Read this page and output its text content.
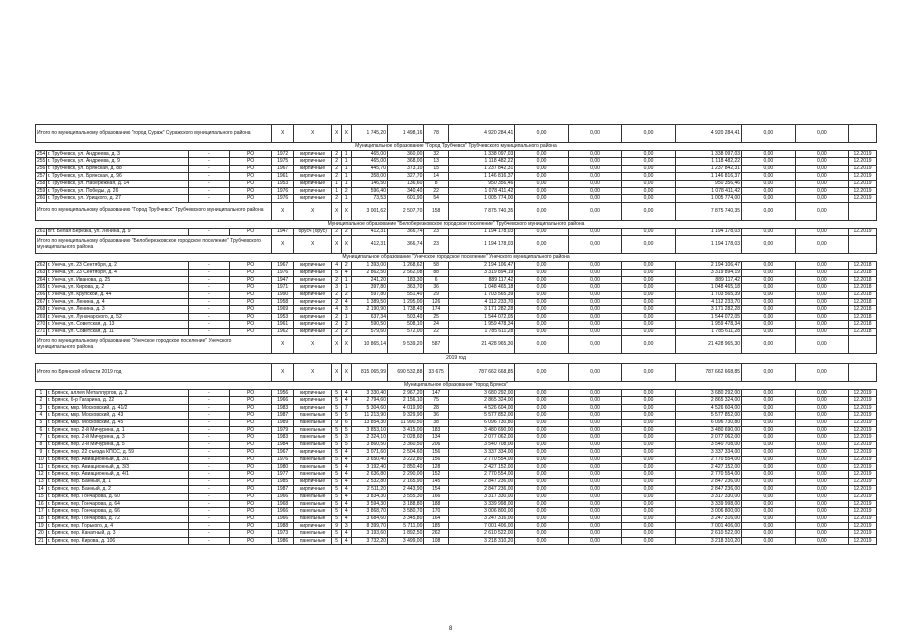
Итого по муниципальному образованию "город Сураж" Суражского муниципального района				X	X	X	X	1 745,20	1 498,16	78	4 920 284,41	0,00	0,00	0,00	4 920 284,41	0,00	0,00	
Муниципальное образование "Город Трубчевск" Трубчевского муниципального района																		
254	г. Трубчевск, ул. Андреева, д. 3	-	РО	1972	кирпичные	2	1	465,00	360,00	32	1 338 097,03	0,00	0,00	0,00	1 338 097,03	0,00	0,00	12.2019
255	г. Трубчевск, ул. Андреева, д. 9	-	РО	1975	кирпичные	2	1	465,00	368,00	13	1 118 482,22	0,00	0,00	0,00	1 118 482,22	0,00	0,00	12.2019
256	г. Трубчевск, ул. Брянская, д. 88	-	РО	1967	кирпичные	2	1	445,70	373,10	15	1 237 842,31	0,00	0,00	0,00	1 237 842,31	0,00	0,00	12.2019
257	г. Трубчевск, ул. Брянская, д. 96	-	РО	1961	кирпичные	2	1	358,00	327,70	14	1 146 816,37	0,00	0,00	0,00	1 146 816,37	0,00	0,00	12.2019
258	г. Трубчевск, ул. Набережная, д. 14	-	РО	1953	кирпичные	1	1	146,50	136,60	8	950 356,46	0,00	0,00	0,00	950 356,46	0,00	0,00	12.2019
259	г. Трубчевск, ул. Победы, д. 26	-	РО	1976	кирпичные	1	2	596,40	340,40	22	1 078 411,42	0,00	0,00	0,00	1 078 411,42	0,00	0,00	12.2019
260	г. Трубчевск, ул. Урицкого, д. 27	-	РО	1976	кирпичные	2	1	73,53	601,90	54	1 005 774,00	0,00	0,00	0,00	1 005 774,00	0,00	0,00	12.2019
Итого по муниципальному образованию "Город Трубчевск" Трубчевского муниципального района				X	X	X	X	3 001,62	2 507,70	158	7 875 740,35	0,00	0,00	0,00	7 875 740,35	0,00	0,00	
Муниципальное образование "Белоберезковское городское поселение" Трубчевского муниципального района																		
261	пгт. Белая Березка, ул. Ленина, д. 9	-	РО	1947	брусч (брус)	2	2	412,31	366,74	23	1 194 178,03	0,00	0,00	0,00	1 194 178,03	0,00	0,00	12.2019
Итого по муниципальному образованию "Белоберезковское городское поселение" Трубчевского муниципального района				X	X	X	X	412,31	366,74	23	1 194 178,03	0,00	0,00	0,00	1 194 178,03	0,00	0,00	
Муниципальное образование "Унечское городское поселение" Унечского муниципального района																		
262	г. Унеча, ул. 23 Сентября, д. 2	-	РО	1967	кирпичные	4	2	1 393,00	1 268,62	58	2 194 106,47	0,00	0,00	0,00	2 194 106,47	0,00	0,00	12.2018
263	г. Унеча, ул. 23 Сентября, д. 4	-	РО	1976	кирпичные	5	4	2 862,50	2 562,08	88	3 319 894,19	0,00	0,00	0,00	3 319 894,19	0,00	0,00	12.2018
264	г. Унеча, ул. Иванова, д. 25	-	РО	1947	кирпичные	2	1	241,20	183,30	6	889 117,42	0,00	0,00	0,00	889 117,42	0,00	0,00	12.2018
265	г. Унеча, ул. Кирова, д. 2	-	РО	1971	кирпичные	3	1	397,80	363,70	36	1 048 465,18	0,00	0,00	0,00	1 048 465,18	0,00	0,00	12.2018
266	г. Унеча, ул. Крупской, д. 44	-	РО	1990	кирпичные	2	2	597,80	551,40	29	1 703 565,39	0,00	0,00	0,00	1 703 565,39	0,00	0,00	12.2018
267	г. Унеча, ул. Ленина, д. 4	-	РО	1958	кирпичные	2	4	1 389,50	1 295,00	126	4 112 233,70	0,00	0,00	0,00	4 112 233,70	0,00	0,00	12.2018
268	г. Унеча, ул. Ленина, д. 3	-	РО	1969	кирпичные	4	3	2 190,90	1 738,40	174	3 171 282,28	0,00	0,00	0,00	3 171 282,28	0,00	0,00	12.2018
269	г. Унеча, ул. Луначарского, д. 52	-	РО	1953	кирпичные	2	1	637,34	503,40	25	1 544 072,05	0,00	0,00	0,00	1 544 072,05	0,00	0,00	12.2018
270	г. Унеча, ул. Советская, д. 13	-	РО	1961	кирпичные	2	2	590,50	508,10	24	1 959 478,34	0,00	0,00	0,00	1 959 478,34	0,00	0,00	12.2018
271	г. Унеча, ул. Советская, д. 11	-	РО	1962	кирпичные	2	2	579,60	572,00	22	1 785 611,28	0,00	0,00	0,00	1 785 611,28	0,00	0,00	12.2018
Итого по муниципальному образованию "Унечское городское поселение" Унечского муниципального района				X	X	X	X	10 865,14	9 539,20	587	21 428 965,30	0,00	0,00	0,00	21 428 965,30	0,00	0,00	
2019 год																		
Итого по Брянской области 2019 год				X	X	X	X	815 065,99	690 532,88	33 675	787 662 668,85	0,00	0,00	0,00	787 662 668,85	0,00	0,00	
Муниципальное образование "город Брянск"																		
1	г. Брянск, аллея Металлургов, д. 2	-	РО	1956	кирпичные	5	4	3 330,40	2 967,20	147	3 680 292,00	0,00	0,00	0,00	3 680 292,00	0,00	0,00	12.2019
2	г. Брянск, б-р Гагарина, д. 22	-	РО	1966	кирпичные	5	4	2 794,60	2 156,10	75	2 865 324,00	0,00	0,00	0,00	2 865 324,00	0,00	0,00	12.2019
3	г. Брянск, мкр. Московский, д. 41/2	-	РО	1983	кирпичные	5	7	5 304,60	4 019,90	28	4 526 604,00	0,00	0,00	0,00	4 526 604,00	0,00	0,00	12.2019
4	г. Брянск, мкр. Московский, д. 43	-	РО	1987	панельные	5	5	11 213,90	9 329,90	36	5 577 852,00	0,00	0,00	0,00	5 577 852,00	0,00	0,00	12.2019
5	г. Брянск, мкр. Московский, д. 45	-	РО	1989	панельные	9	6	13 854,30	11 990,50	38	6 096 730,80	0,00	0,00	0,00	6 096 730,80	0,00	0,00	12.2019
6	г. Брянск, пер. 2-й Мичурина, д. 1	-	РО	1979	панельные	5	5	3 853,10	3 415,00	183	3 480 690,00	0,00	0,00	0,00	3 480 690,00	0,00	0,00	12.2019
7	г. Брянск, пер. 2-й Мичурина, д. 3	-	РО	1983	панельные	5	3	2 324,10	2 028,60	134	2 077 062,00	0,00	0,00	0,00	2 077 062,00	0,00	0,00	12.2019
8	г. Брянск, пер. 2-й Мичурина, д. 5	-	РО	1984	панельные	5	5	3 860,50	3 360,50	206	3 540 708,00	0,00	0,00	0,00	3 540 708,00	0,00	0,00	12.2019
9	г. Брянск, пер. 22 съезда КПСС, д. 59	-	РО	1967	кирпичные	5	4	3 071,60	2 504,60	156	3 337 334,00	0,00	0,00	0,00	3 337 334,00	0,00	0,00	12.2019
10	г. Брянск, пер. Авиационный, д. 3/1	-	РО	1976	панельные	5	4	3 650,40	3 222,80	156	2 770 554,00	0,00	0,00	0,00	2 770 554,00	0,00	0,00	12.2019
11	г. Брянск, пер. Авиационный, д. 3/3	-	РО	1980	панельные	5	4	3 192,40	2 850,40	128	2 427 152,00	0,00	0,00	0,00	2 427 152,00	0,00	0,00	12.2019
12	г. Брянск, пер. Авиационный, д. 4/1	-	РО	1977	панельные	5	4	2 636,80	2 290,00	152	2 770 554,00	0,00	0,00	0,00	2 770 554,00	0,00	0,00	12.2019
13	г. Брянск, пер. Банный, д. 1	-	РО	1985	кирпичные	5	4	2 532,80	2 165,90	145	2 847 236,00	0,00	0,00	0,00	2 847 236,00	0,00	0,00	12.2019
14	г. Брянск, пер. Банный, д. 2	-	РО	1987	кирпичные	5	4	2 511,20	2 443,90	154	2 847 236,00	0,00	0,00	0,00	2 847 236,00	0,00	0,00	12.2019
15	г. Брянск, пер. Гончарова, д. 60	-	РО	1966	панельные	5	4	3 834,30	3 555,30	166	3 317 330,00	0,00	0,00	0,00	3 317 330,00	0,00	0,00	12.2019
16	г. Брянск, пер. Гончарова, д. 64	-	РО	1968	панельные	5	4	3 594,30	3 188,80	188	3 339 998,00	0,00	0,00	0,00	3 339 998,00	0,00	0,00	12.2019
17	г. Брянск, пер. Гончарова, д. 66	-	РО	1966	панельные	5	4	3 868,70	3 580,70	170	3 006 800,00	0,00	0,00	0,00	3 006 800,00	0,00	0,00	12.2019
18	г. Брянск, пер. Гончарова, д. 72	-	РО	1966	панельные	5	4	3 684,60	3 345,80	164	3 247 316,00	0,00	0,00	0,00	3 247 316,00	0,00	0,00	12.2019
19	г. Брянск, пер. Горького, д. 4	-	РО	1988	кирпичные	9	3	8 399,70	5 711,00	185	7 001 406,00	0,00	0,00	0,00	7 001 406,00	0,00	0,00	12.2019
20	г. Брянск, пер. Канатный, д. 3	-	РО	1973	панельные	5	4	3 193,60	1 892,50	262	2 610 522,00	0,00	0,00	0,00	2 610 522,00	0,00	0,00	12.2019
21	г. Брянск, пер. Кирова, д. 106	-	РО	1986	панельные	5	4	3 732,20	3 499,00	108	3 218 310,20	0,00	0,00	0,00	3 218 310,20	0,00	0,00	12.2019
8
